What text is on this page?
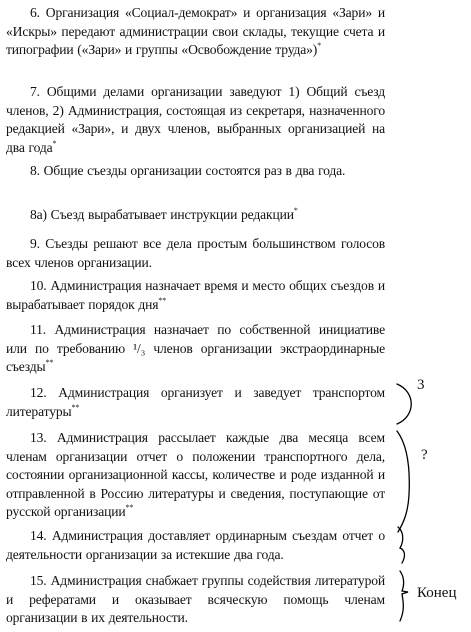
6. Организация «Социал-демократ» и организация «Зари» и «Искры» передают администрации свои склады, текущие счета и типографии («Зари» и группы «Освобождение труда»)*

7. Общими делами организации заведуют 1) Общий съезд членов, 2) Администрация, состоящая из секретаря, назначенного редакцией «Зари», и двух членов, выбранных организацией на два года*

8. Общие съезды организации состоятся раз в два года.

8а) Съезд вырабатывает инструкции редакции*

9. Съезды решают все дела простым большинством голосов всех членов организации.

10. Администрация назначает время и место общих съездов и вырабатывает порядок дня**

11. Администрация назначает по собственной инициативе или по требованию ¹/₃ членов организации экстраординарные съезды**

12. Администрация организует и заведует транспортом литературы**

13. Администрация рассылает каждые два месяца всем членам организации отчет о положении транспортного дела, состоянии организационной кассы, количестве и роде изданной и отправленной в Россию литературы и сведения, поступающие от русской организации**

14. Администрация доставляет ординарным съездам отчет о деятельности организации за истекшие два года.

15. Администрация снабжает группы содействия литературой и рефератами и оказывает всяческую помощь членам организации в их деятельности.

3
?
Конец
